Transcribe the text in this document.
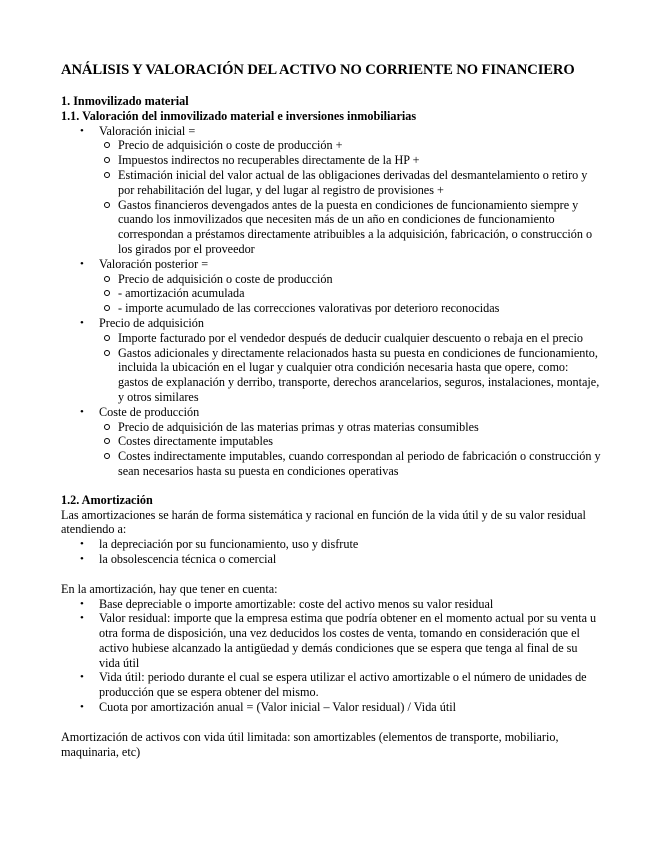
ANÁLISIS Y VALORACIÓN DEL ACTIVO NO CORRIENTE NO FINANCIERO
1. Inmovilizado material
1.1. Valoración del inmovilizado material e inversiones inmobiliarias
• Valoración inicial =
Precio de adquisición o coste de producción +
Impuestos indirectos no recuperables directamente de la HP +
Estimación inicial del valor actual de las obligaciones derivadas del desmantelamiento o retiro y por rehabilitación del lugar, y del lugar al registro de provisiones +
Gastos financieros devengados antes de la puesta en condiciones de funcionamiento siempre y cuando los inmovilizados que necesiten más de un año en condiciones de funcionamiento correspondan a préstamos directamente atribuibles a la adquisición, fabricación, o construcción o los girados por el proveedor
• Valoración posterior =
Precio de adquisición o coste de producción
- amortización acumulada
- importe acumulado de las correcciones valorativas por deterioro reconocidas
• Precio de adquisición
Importe facturado por el vendedor después de deducir cualquier descuento o rebaja en el precio
Gastos adicionales y directamente relacionados hasta su puesta en condiciones de funcionamiento, incluida la ubicación en el lugar y cualquier otra condición necesaria hasta que opere, como: gastos de explanación y derribo, transporte, derechos arancelarios, seguros, instalaciones, montaje, y otros similares
• Coste de producción
Precio de adquisición de las materias primas y otras materias consumibles
Costes directamente imputables
Costes indirectamente imputables, cuando correspondan al periodo de fabricación o construcción y sean necesarios hasta su puesta en condiciones operativas
1.2. Amortización

Las amortizaciones se harán de forma sistemática y racional en función de la vida útil y de su valor residual atendiendo a:

• la depreciación por su funcionamiento, uso y disfrute
• la obsolescencia técnica o comercial

En la amortización, hay que tener en cuenta:

• Base depreciable o importe amortizable: coste del activo menos su valor residual
• Valor residual: importe que la empresa estima que podría obtener en el momento actual por su venta u otra forma de disposición, una vez deducidos los costes de venta, tomando en consideración que el activo hubiese alcanzado la antigüedad y demás condiciones que se espera que tenga al final de su vida útil
• Vida útil: periodo durante el cual se espera utilizar el activo amortizable o el número de unidades de producción que se espera obtener del mismo.
• Cuota por amortización anual = (Valor inicial – Valor residual) / Vida útil

Amortización de activos con vida útil limitada: son amortizables (elementos de transporte, mobiliario, maquinaria, etc)
